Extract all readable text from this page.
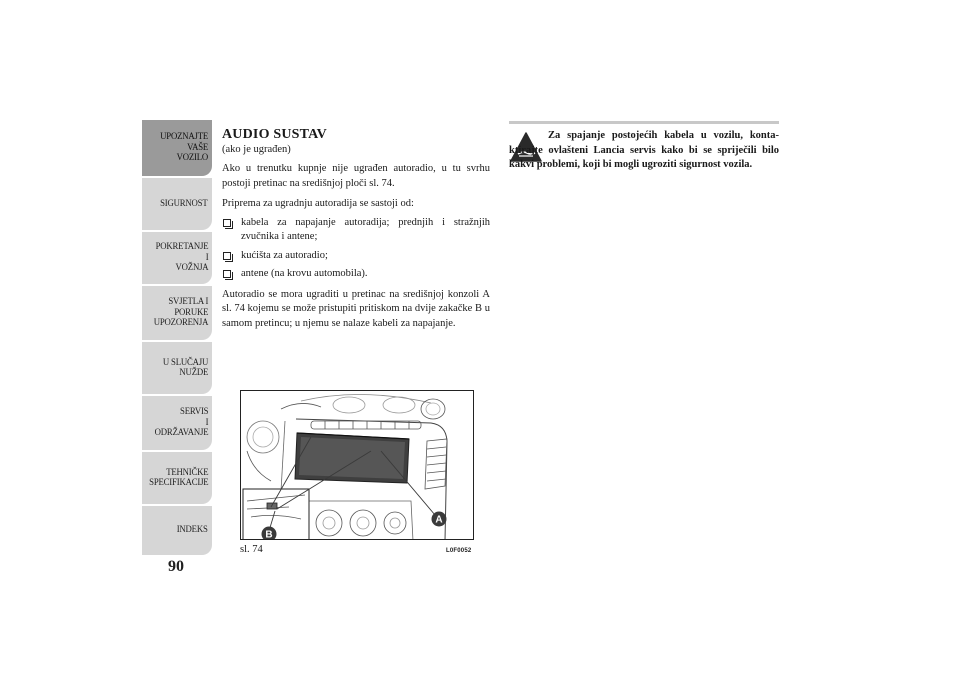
UPOZNAJTE
VAŠE
VOZILO
SIGURNOST
POKRETANJE
I
VOŽNJA
SVJETLA I
PORUKE
UPOZORENJA
U SLUČAJU
NUŽDE
SERVIS
I
ODRŽAVANJE
TEHNIČKE
SPECIFIKACIJE
INDEKS
90
AUDIO SUSTAV
(ako je ugrađen)

Ako u trenutku kupnje nije ugrađen autoradio, u tu svrhu postoji pretinac na središnjoj ploči sl. 74.

Priprema za ugradnju autoradija se sastoji od:

kabela za napajanje autoradija; prednjih i stražnjih zvučnika i antene;
kućišta za autoradio;
antene (na krovu automobila).

Autoradio se mora ugraditi u pretinac na središnjoj konzoli A sl. 74 kojemu se može pristupiti pritiskom na dvije zakačke B u samom pretincu; u njemu se nalaze kabeli za napajanje.

A
B
sl. 74	L0F0052
Za spajanje postojećih kabela u vozilu, kontaktirajte ovlašteni Lancia servis kako bi se spriječili bilo kakvi problemi, koji bi mogli ugroziti sigurnost vozila.
